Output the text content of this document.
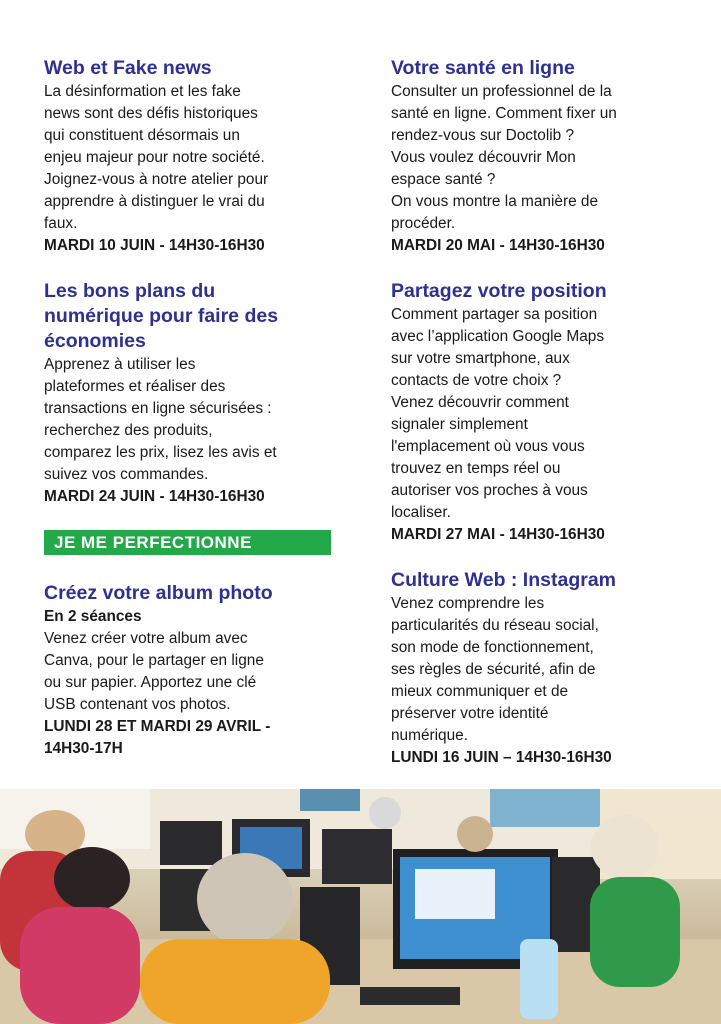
Web et Fake news

La désinformation et les fake
news sont des défis historiques
qui constituent désormais un
enjeu majeur pour notre société.
Joignez-vous à notre atelier pour
apprendre à distinguer le vrai du
faux.

MARDI 10 JUIN - 14H30-16H30

Les bons plans du
numérique pour faire des
économies

Apprenez à utiliser les
plateformes et réaliser des
transactions en ligne sécurisées :
recherchez des produits,
comparez les prix, lisez les avis et
suivez vos commandes.

MARDI 24 JUIN - 14H30-16H30

JE ME PERFECTIONNE

Créez votre album photo

En 2 séances

Venez créer votre album avec
Canva, pour le partager en ligne
ou sur papier. Apportez une clé
USB contenant vos photos.

LUNDI 28 ET MARDI 29 AVRIL -
14H30-17H

Votre santé en ligne

Consulter un professionnel de la
santé en ligne. Comment fixer un
rendez-vous sur Doctolib ?
Vous voulez découvrir Mon
espace santé ?
On vous montre la manière de
procéder.

MARDI 20 MAI - 14H30-16H30

Partagez votre position

Comment partager sa position
avec l’application Google Maps
sur votre smartphone, aux
contacts de votre choix ?
Venez découvrir comment
signaler simplement
l'emplacement où vous vous
trouvez en temps réel ou
autoriser vos proches à vous
localiser.

MARDI 27 MAI - 14H30-16H30

Culture Web : Instagram

Venez comprendre les
particularités du réseau social,
son mode de fonctionnement,
ses règles de sécurité, afin de
mieux communiquer et de
préserver votre identité
numérique.

LUNDI 16 JUIN – 14H30-16H30
